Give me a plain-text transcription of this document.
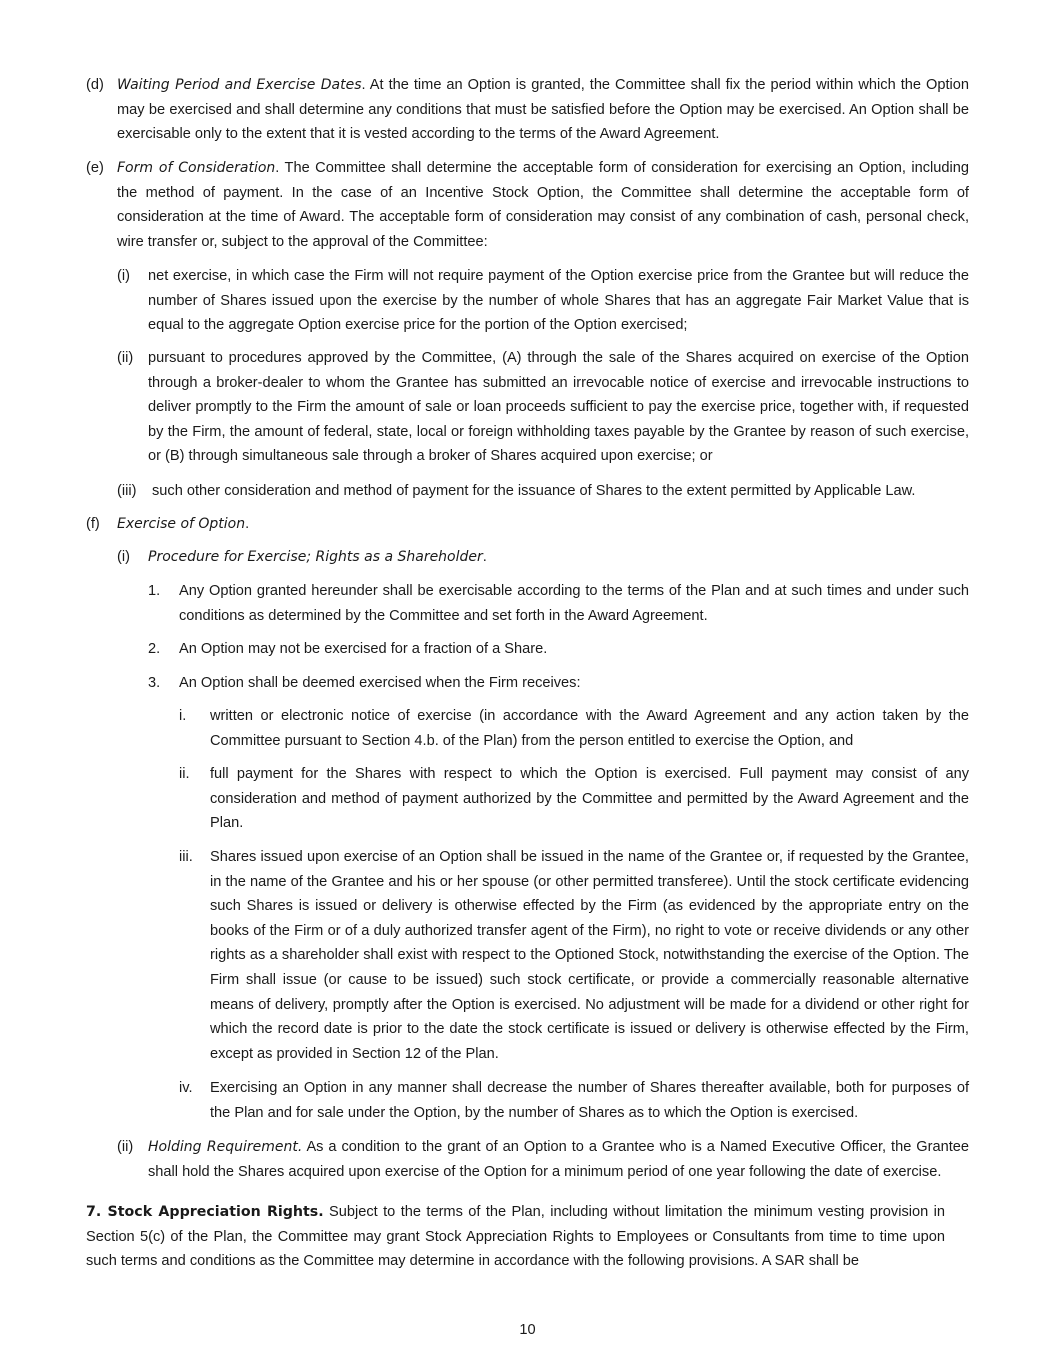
(d) Waiting Period and Exercise Dates. At the time an Option is granted, the Committee shall fix the period within which the Option may be exercised and shall determine any conditions that must be satisfied before the Option may be exercised. An Option shall be exercisable only to the extent that it is vested according to the terms of the Award Agreement.
(e) Form of Consideration. The Committee shall determine the acceptable form of consideration for exercising an Option, including the method of payment. In the case of an Incentive Stock Option, the Committee shall determine the acceptable form of consideration at the time of Award. The acceptable form of consideration may consist of any combination of cash, personal check, wire transfer or, subject to the approval of the Committee:
(i) net exercise, in which case the Firm will not require payment of the Option exercise price from the Grantee but will reduce the number of Shares issued upon the exercise by the number of whole Shares that has an aggregate Fair Market Value that is equal to the aggregate Option exercise price for the portion of the Option exercised;
(ii) pursuant to procedures approved by the Committee, (A) through the sale of the Shares acquired on exercise of the Option through a broker-dealer to whom the Grantee has submitted an irrevocable notice of exercise and irrevocable instructions to deliver promptly to the Firm the amount of sale or loan proceeds sufficient to pay the exercise price, together with, if requested by the Firm, the amount of federal, state, local or foreign withholding taxes payable by the Grantee by reason of such exercise, or (B) through simultaneous sale through a broker of Shares acquired upon exercise; or
(iii) such other consideration and method of payment for the issuance of Shares to the extent permitted by Applicable Law.
(f) Exercise of Option.
(i) Procedure for Exercise; Rights as a Shareholder.
1. Any Option granted hereunder shall be exercisable according to the terms of the Plan and at such times and under such conditions as determined by the Committee and set forth in the Award Agreement.
2. An Option may not be exercised for a fraction of a Share.
3. An Option shall be deemed exercised when the Firm receives:
i. written or electronic notice of exercise (in accordance with the Award Agreement and any action taken by the Committee pursuant to Section 4.b. of the Plan) from the person entitled to exercise the Option, and
ii. full payment for the Shares with respect to which the Option is exercised. Full payment may consist of any consideration and method of payment authorized by the Committee and permitted by the Award Agreement and the Plan.
iii. Shares issued upon exercise of an Option shall be issued in the name of the Grantee or, if requested by the Grantee, in the name of the Grantee and his or her spouse (or other permitted transferee). Until the stock certificate evidencing such Shares is issued or delivery is otherwise effected by the Firm (as evidenced by the appropriate entry on the books of the Firm or of a duly authorized transfer agent of the Firm), no right to vote or receive dividends or any other rights as a shareholder shall exist with respect to the Optioned Stock, notwithstanding the exercise of the Option. The Firm shall issue (or cause to be issued) such stock certificate, or provide a commercially reasonable alternative means of delivery, promptly after the Option is exercised. No adjustment will be made for a dividend or other right for which the record date is prior to the date the stock certificate is issued or delivery is otherwise effected by the Firm, except as provided in Section 12 of the Plan.
iv. Exercising an Option in any manner shall decrease the number of Shares thereafter available, both for purposes of the Plan and for sale under the Option, by the number of Shares as to which the Option is exercised.
(ii) Holding Requirement. As a condition to the grant of an Option to a Grantee who is a Named Executive Officer, the Grantee shall hold the Shares acquired upon exercise of the Option for a minimum period of one year following the date of exercise.
7. Stock Appreciation Rights. Subject to the terms of the Plan, including without limitation the minimum vesting provision in Section 5(c) of the Plan, the Committee may grant Stock Appreciation Rights to Employees or Consultants from time to time upon such terms and conditions as the Committee may determine in accordance with the following provisions. A SAR shall be
10
